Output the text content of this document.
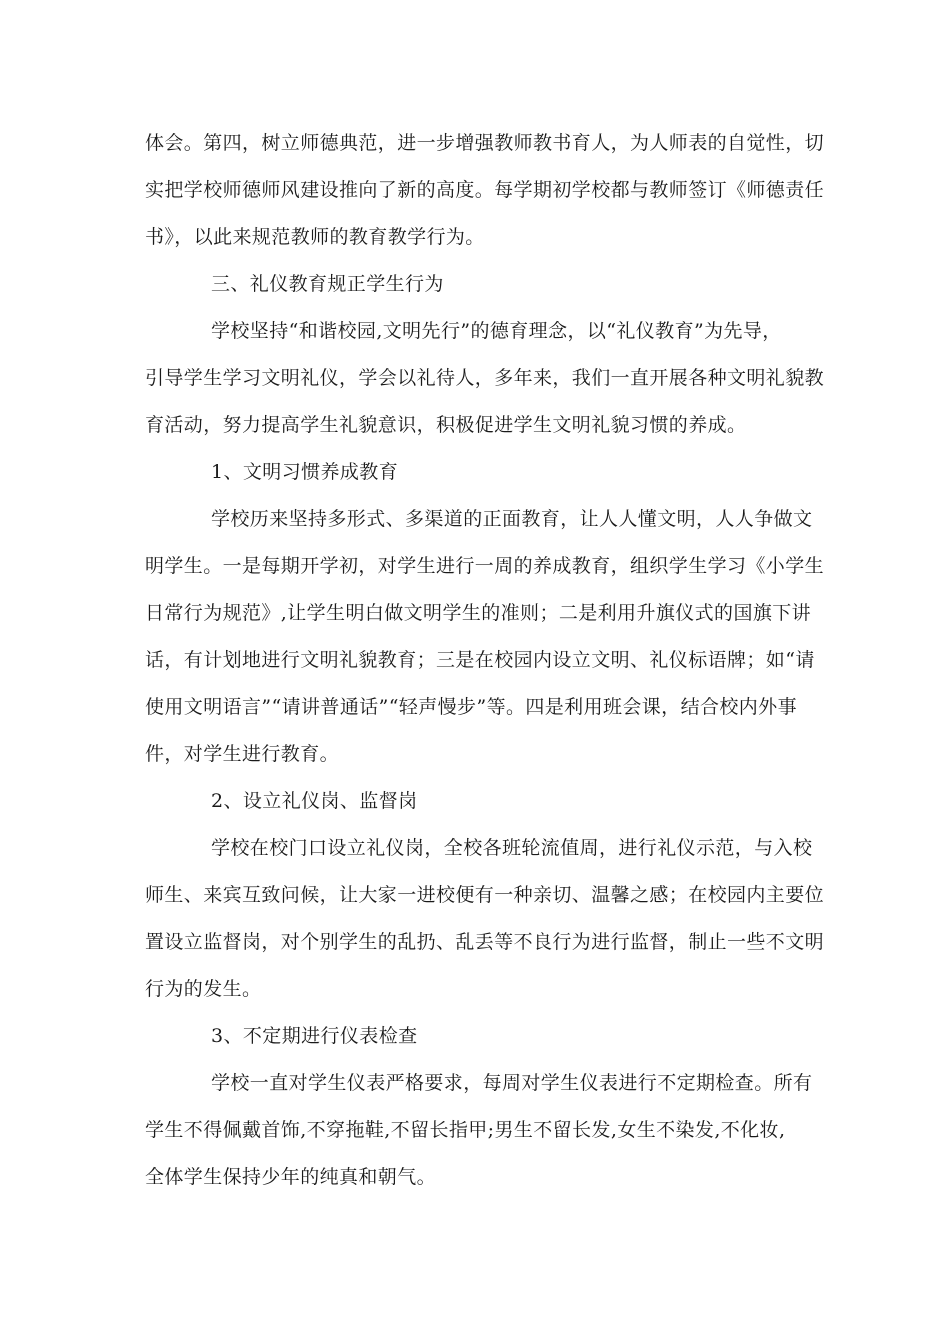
体会。第四，树立师德典范，进一步增强教师教书育人，为人师表的自觉性，切
实把学校师德师风建设推向了新的高度。每学期初学校都与教师签订《师德责任
书》，以此来规范教师的教育教学行为。
三、礼仪教育规正学生行为
学校坚持“和谐校园,文明先行”的德育理念，以“礼仪教育”为先导，
引导学生学习文明礼仪，学会以礼待人，多年来，我们一直开展各种文明礼貌教
育活动，努力提高学生礼貌意识，积极促进学生文明礼貌习惯的养成。
1、文明习惯养成教育
学校历来坚持多形式、多渠道的正面教育，让人人懂文明，人人争做文
明学生。一是每期开学初，对学生进行一周的养成教育，组织学生学习《小学生
日常行为规范》,让学生明白做文明学生的准则；二是利用升旗仪式的国旗下讲
话，有计划地进行文明礼貌教育；三是在校园内设立文明、礼仪标语牌；如“请
使用文明语言”“请讲普通话”“轻声慢步”等。四是利用班会课，结合校内外事
件，对学生进行教育。
2、设立礼仪岗、监督岗
学校在校门口设立礼仪岗，全校各班轮流值周，进行礼仪示范，与入校
师生、来宾互致问候，让大家一进校便有一种亲切、温馨之感；在校园内主要位
置设立监督岗，对个别学生的乱扔、乱丢等不良行为进行监督，制止一些不文明
行为的发生。
3、不定期进行仪表检查
学校一直对学生仪表严格要求，每周对学生仪表进行不定期检查。所有
学生不得佩戴首饰,不穿拖鞋,不留长指甲;男生不留长发,女生不染发,不化妆,
全体学生保持少年的纯真和朝气。
